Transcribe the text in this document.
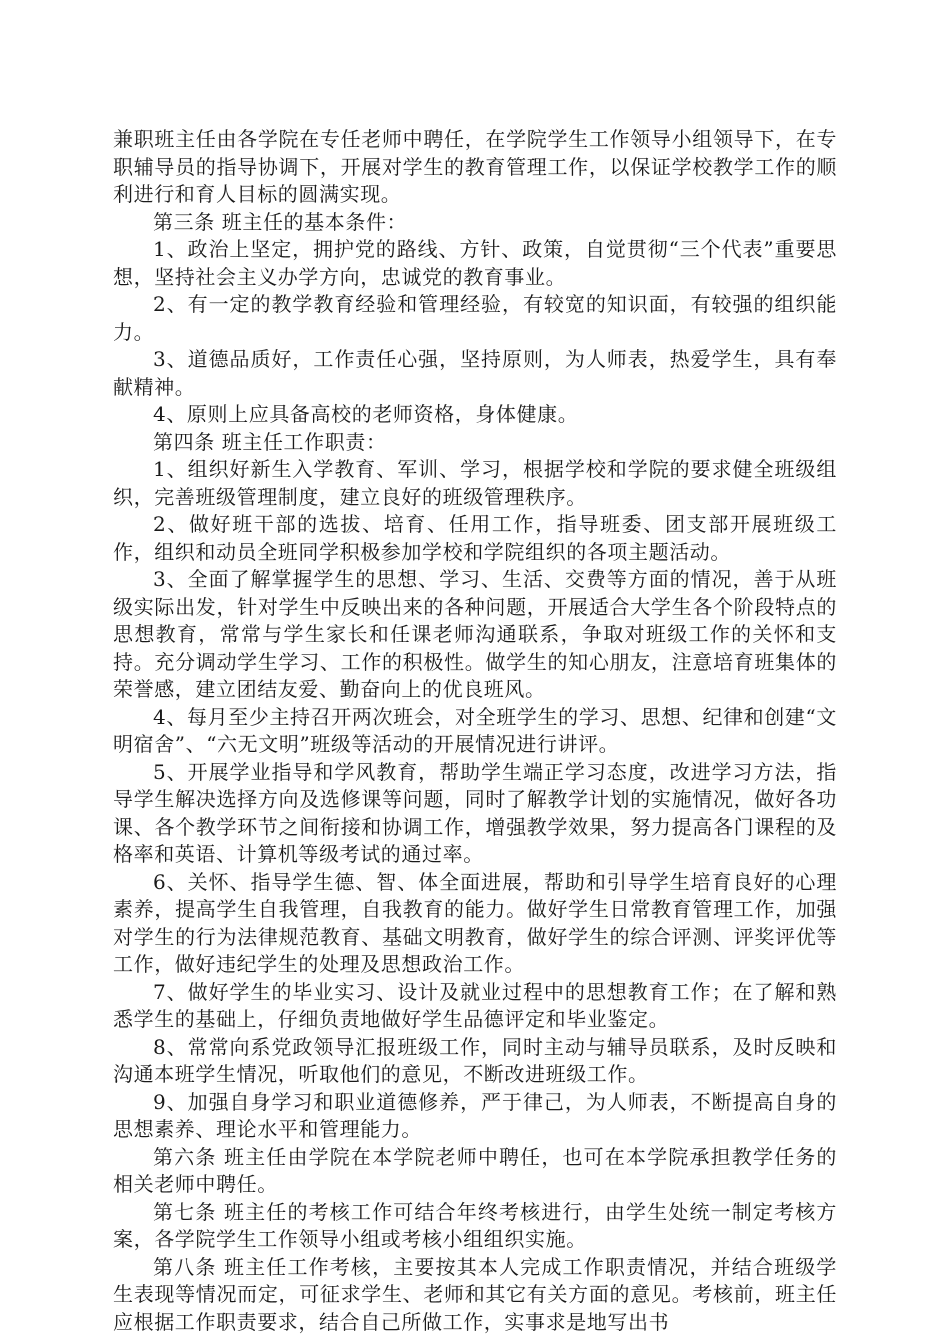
兼职班主任由各学院在专任老师中聘任，在学院学生工作领导小组领导下，在专职辅导员的指导协调下，开展对学生的教育管理工作，以保证学校教学工作的顺利进行和育人目标的圆满实现。

第三条 班主任的基本条件：

1、政治上坚定，拥护党的路线、方针、政策，自觉贯彻“三个代表”重要思想，坚持社会主义办学方向，忠诚党的教育事业。

2、有一定的教学教育经验和管理经验，有较宽的知识面，有较强的组织能力。

3、道德品质好，工作责任心强，坚持原则，为人师表，热爱学生，具有奉献精神。

4、原则上应具备高校的老师资格，身体健康。

第四条 班主任工作职责：

1、组织好新生入学教育、军训、学习，根据学校和学院的要求健全班级组织，完善班级管理制度，建立良好的班级管理秩序。

2、做好班干部的选拔、培育、任用工作，指导班委、团支部开展班级工作，组织和动员全班同学积极参加学校和学院组织的各项主题活动。

3、全面了解掌握学生的思想、学习、生活、交费等方面的情况，善于从班级实际出发，针对学生中反映出来的各种问题，开展适合大学生各个阶段特点的思想教育，常常与学生家长和任课老师沟通联系，争取对班级工作的关怀和支持。充分调动学生学习、工作的积极性。做学生的知心朋友，注意培育班集体的荣誉感，建立团结友爱、勤奋向上的优良班风。

4、每月至少主持召开两次班会，对全班学生的学习、思想、纪律和创建“文明宿舍”、“六无文明”班级等活动的开展情况进行讲评。

5、开展学业指导和学风教育，帮助学生端正学习态度，改进学习方法，指导学生解决选择方向及选修课等问题，同时了解教学计划的实施情况，做好各功课、各个教学环节之间衔接和协调工作，增强教学效果，努力提高各门课程的及格率和英语、计算机等级考试的通过率。

6、关怀、指导学生德、智、体全面进展，帮助和引导学生培育良好的心理素养，提高学生自我管理，自我教育的能力。做好学生日常教育管理工作，加强对学生的行为法律规范教育、基础文明教育，做好学生的综合评测、评奖评优等工作，做好违纪学生的处理及思想政治工作。

7、做好学生的毕业实习、设计及就业过程中的思想教育工作；在了解和熟悉学生的基础上，仔细负责地做好学生品德评定和毕业鉴定。

8、常常向系党政领导汇报班级工作，同时主动与辅导员联系，及时反映和沟通本班学生情况，听取他们的意见，不断改进班级工作。

9、加强自身学习和职业道德修养，严于律己，为人师表，不断提高自身的思想素养、理论水平和管理能力。

第六条 班主任由学院在本学院老师中聘任，也可在本学院承担教学任务的相关老师中聘任。

第七条 班主任的考核工作可结合年终考核进行，由学生处统一制定考核方案，各学院学生工作领导小组或考核小组组织实施。

第八条 班主任工作考核，主要按其本人完成工作职责情况，并结合班级学生表现等情况而定，可征求学生、老师和其它有关方面的意见。考核前，班主任应根据工作职责要求，结合自己所做工作，实事求是地写出书
